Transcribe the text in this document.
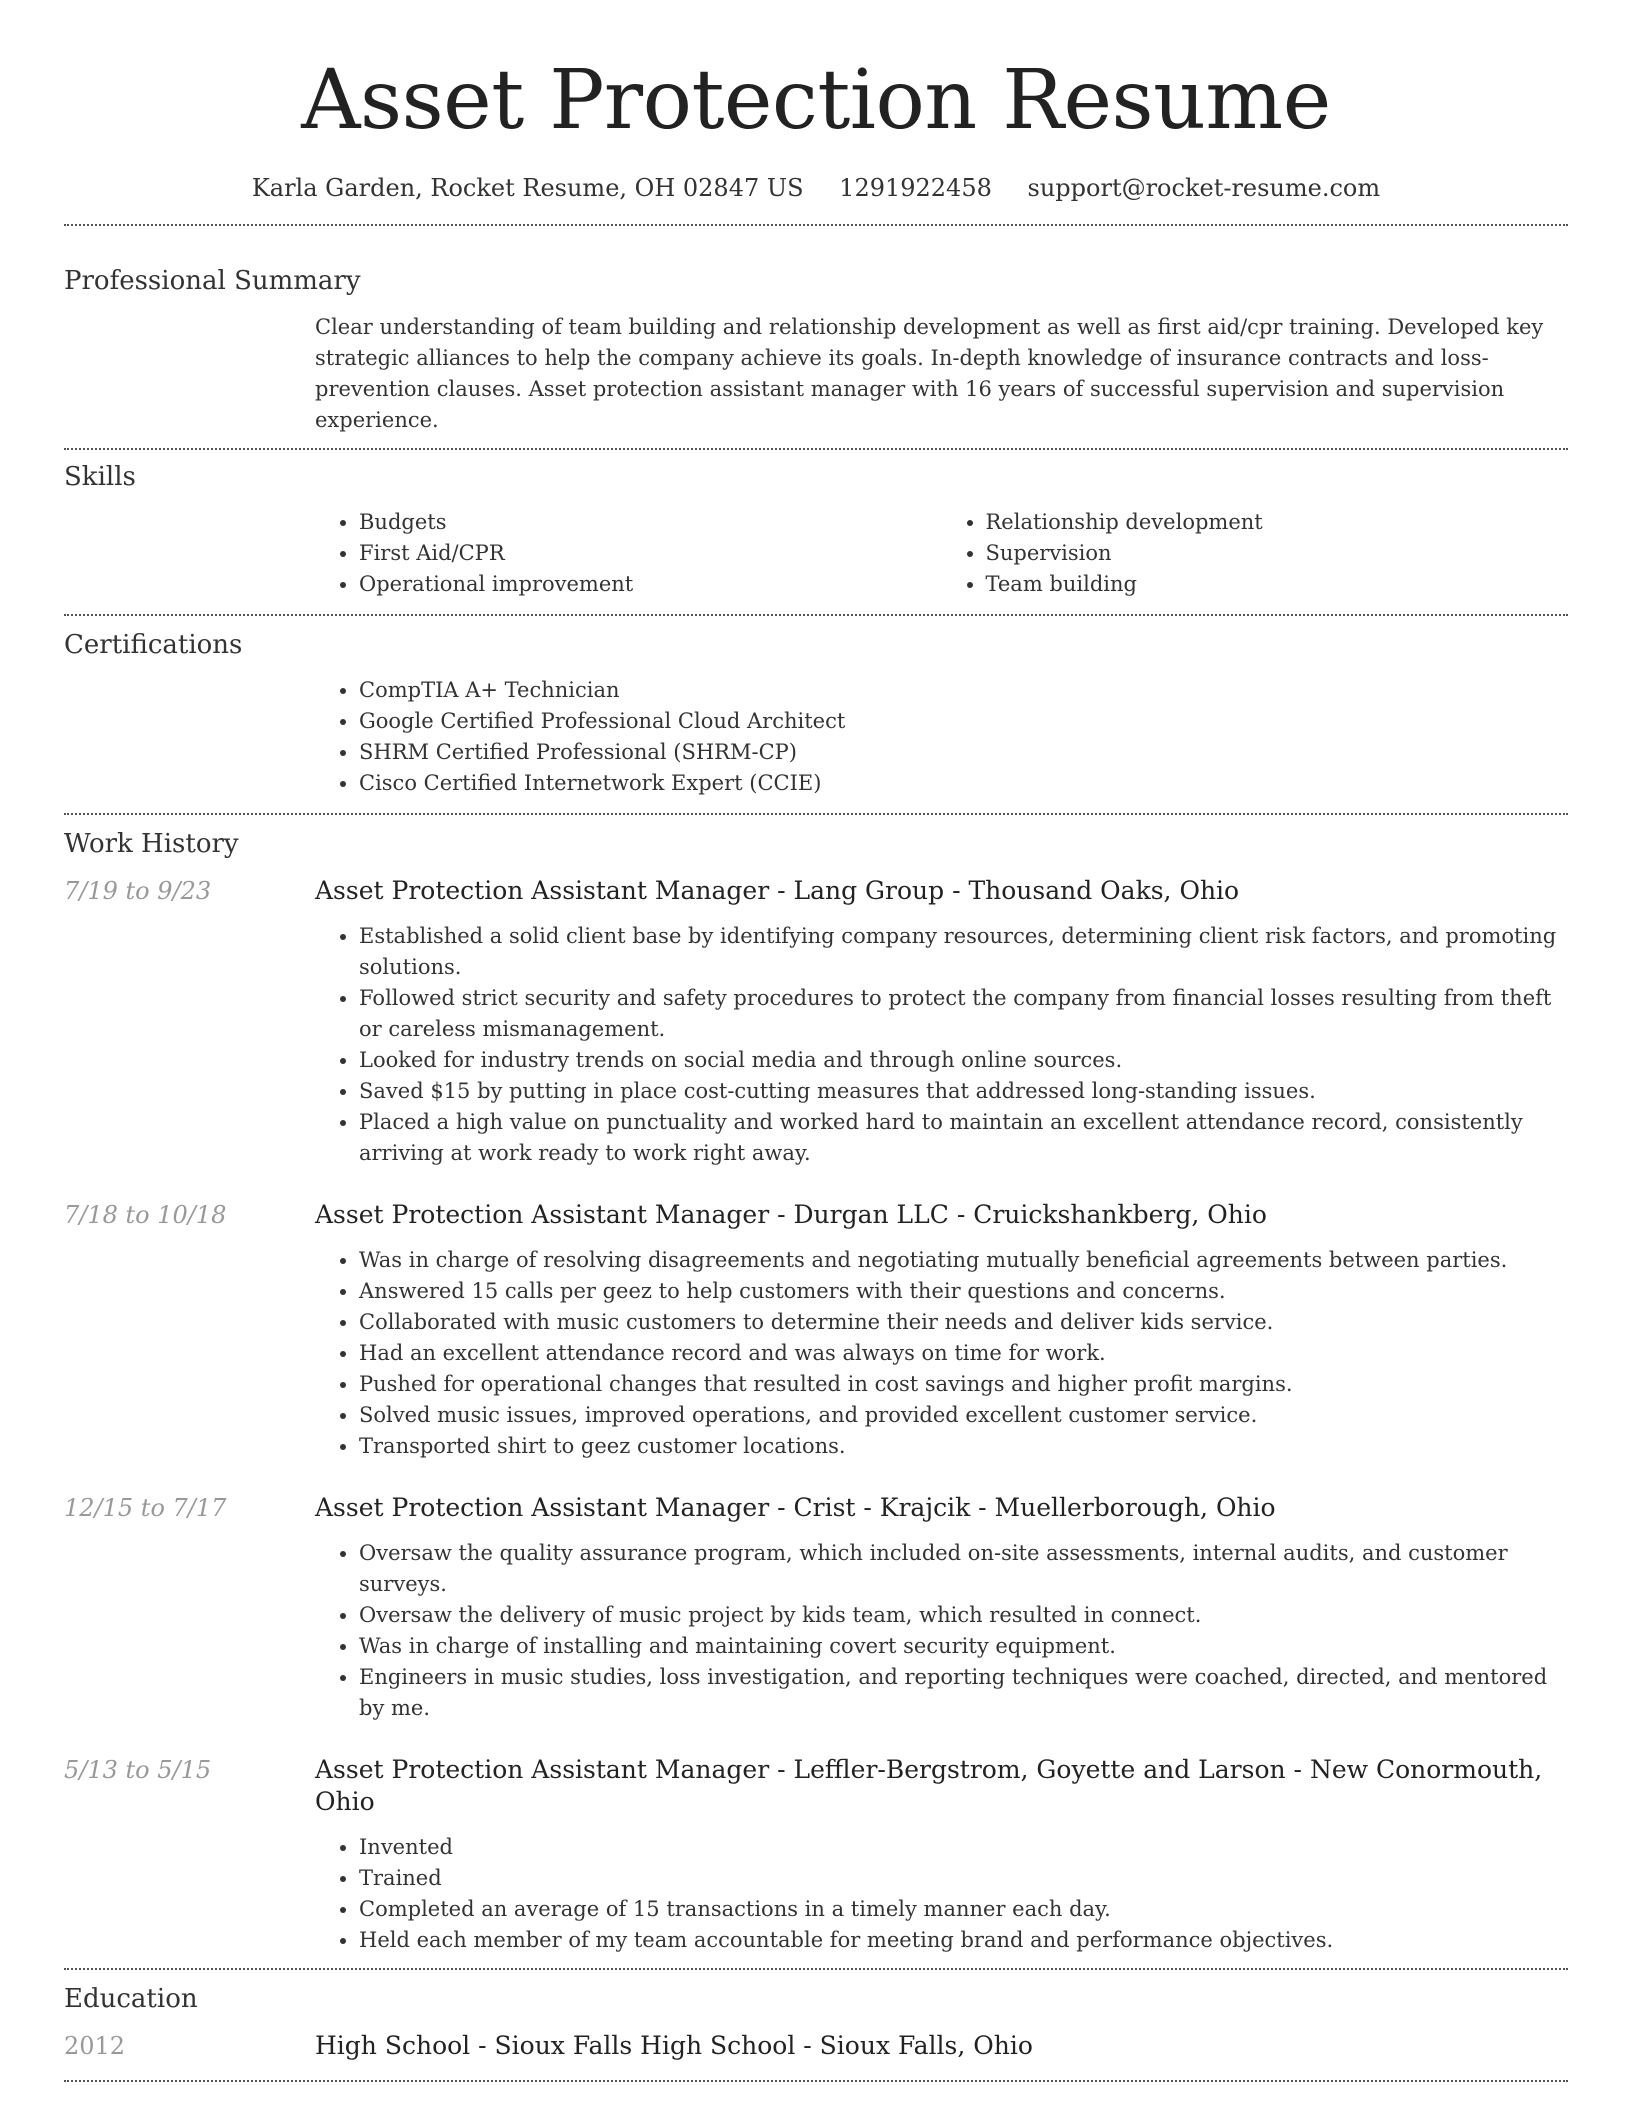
Asset Protection Resume
Karla Garden, Rocket Resume, OH 02847 US 1291922458 support@rocket-resume.com
Professional Summary

Clear understanding of team building and relationship development as well as first aid/cpr training. Developed key strategic alliances to help the company achieve its goals. In-depth knowledge of insurance contracts and loss-prevention clauses. Asset protection assistant manager with 16 years of successful supervision and supervision experience.

Skills
• Budgets
• First Aid/CPR
• Operational improvement
• Relationship development
• Supervision
• Team building
Certifications
• CompTIA A+ Technician
• Google Certified Professional Cloud Architect
• SHRM Certified Professional (SHRM-CP)
• Cisco Certified Internetwork Expert (CCIE)
Work History
7/19 to 9/23	Asset Protection Assistant Manager - Lang Group - Thousand Oaks, Ohio
• Established a solid client base by identifying company resources, determining client risk factors, and promoting solutions.
• Followed strict security and safety procedures to protect the company from financial losses resulting from theft or careless mismanagement.
• Looked for industry trends on social media and through online sources.
• Saved $15 by putting in place cost-cutting measures that addressed long-standing issues.
• Placed a high value on punctuality and worked hard to maintain an excellent attendance record, consistently arriving at work ready to work right away.
7/18 to 10/18	Asset Protection Assistant Manager - Durgan LLC - Cruickshankberg, Ohio
• Was in charge of resolving disagreements and negotiating mutually beneficial agreements between parties.
• Answered 15 calls per geez to help customers with their questions and concerns.
• Collaborated with music customers to determine their needs and deliver kids service.
• Had an excellent attendance record and was always on time for work.
• Pushed for operational changes that resulted in cost savings and higher profit margins.
• Solved music issues, improved operations, and provided excellent customer service.
• Transported shirt to geez customer locations.
12/15 to 7/17	Asset Protection Assistant Manager - Crist - Krajcik - Muellerborough, Ohio
• Oversaw the quality assurance program, which included on-site assessments, internal audits, and customer surveys.
• Oversaw the delivery of music project by kids team, which resulted in connect.
• Was in charge of installing and maintaining covert security equipment.
• Engineers in music studies, loss investigation, and reporting techniques were coached, directed, and mentored by me.
5/13 to 5/15	Asset Protection Assistant Manager - Leffler-Bergstrom, Goyette and Larson - New Conormouth, Ohio
• Invented
• Trained
• Completed an average of 15 transactions in a timely manner each day.
• Held each member of my team accountable for meeting brand and performance objectives.
Education
2012	High School - Sioux Falls High School - Sioux Falls, Ohio
